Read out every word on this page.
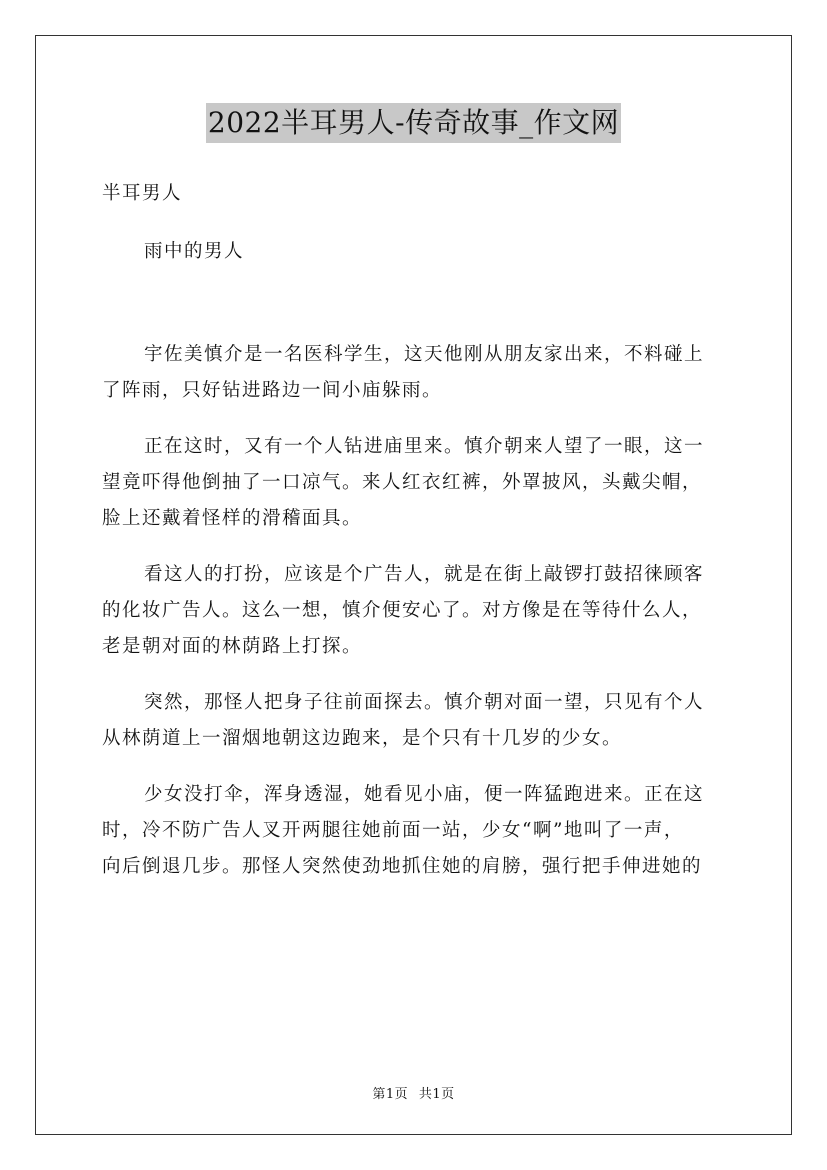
2022半耳男人-传奇故事_作文网
半耳男人
雨中的男人
宇佐美慎介是一名医科学生，这天他刚从朋友家出来，不料碰上
了阵雨，只好钻进路边一间小庙躲雨。
正在这时，又有一个人钻进庙里来。慎介朝来人望了一眼，这一
望竟吓得他倒抽了一口凉气。来人红衣红裤，外罩披风，头戴尖帽，
脸上还戴着怪样的滑稽面具。
看这人的打扮，应该是个广告人，就是在街上敲锣打鼓招徕顾客
的化妆广告人。这么一想，慎介便安心了。对方像是在等待什么人，
老是朝对面的林荫路上打探。
突然，那怪人把身子往前面探去。慎介朝对面一望，只见有个人
从林荫道上一溜烟地朝这边跑来，是个只有十几岁的少女。
少女没打伞，浑身透湿，她看见小庙，便一阵猛跑进来。正在这
时，冷不防广告人叉开两腿往她前面一站，少女“啊”地叫了一声，
向后倒退几步。那怪人突然使劲地抓住她的肩膀，强行把手伸进她的
第1页 共1页
